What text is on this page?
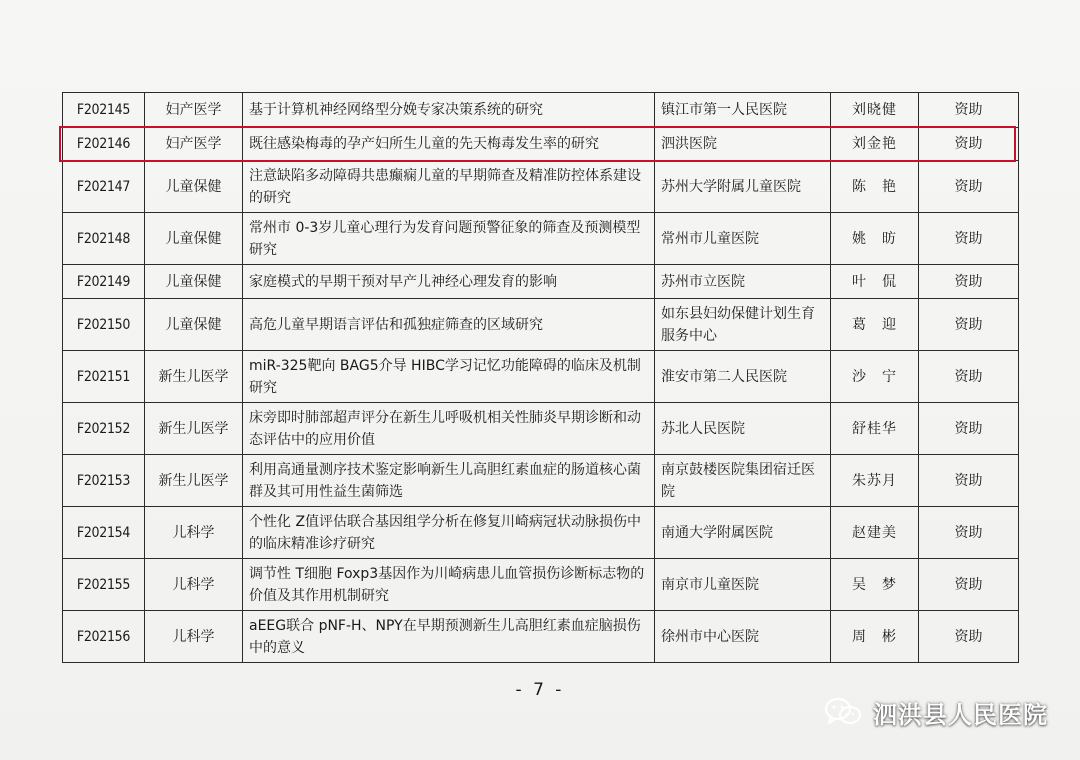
F202145	妇产医学	基于计算机神经网络型分娩专家决策系统的研究	镇江市第一人民医院	刘晓健	资助
F202146	妇产医学	既往感染梅毒的孕产妇所生儿童的先天梅毒发生率的研究	泗洪医院	刘金艳	资助
F202147	儿童保健	注意缺陷多动障碍共患癫痫儿童的早期筛查及精准防控体系建设的研究	苏州大学附属儿童医院	陈　艳	资助
F202148	儿童保健	常州市 0-3岁儿童心理行为发育问题预警征象的筛查及预测模型研究	常州市儿童医院	姚　昉	资助
F202149	儿童保健	家庭模式的早期干预对早产儿神经心理发育的影响	苏州市立医院	叶　侃	资助
F202150	儿童保健	高危儿童早期语言评估和孤独症筛查的区域研究	如东县妇幼保健计划生育服务中心	葛　迎	资助
F202151	新生儿医学	miR-325靶向 BAG5介导 HIBC学习记忆功能障碍的临床及机制研究	淮安市第二人民医院	沙　宁	资助
F202152	新生儿医学	床旁即时肺部超声评分在新生儿呼吸机相关性肺炎早期诊断和动态评估中的应用价值	苏北人民医院	舒桂华	资助
F202153	新生儿医学	利用高通量测序技术鉴定影响新生儿高胆红素血症的肠道核心菌群及其可用性益生菌筛选	南京鼓楼医院集团宿迁医院	朱苏月	资助
F202154	儿科学	个性化 Z值评估联合基因组学分析在修复川崎病冠状动脉损伤中的临床精准诊疗研究	南通大学附属医院	赵建美	资助
F202155	儿科学	调节性 T细胞 Foxp3基因作为川崎病患儿血管损伤诊断标志物的价值及其作用机制研究	南京市儿童医院	吴　梦	资助
F202156	儿科学	aEEG联合 pNF-H、NPY在早期预测新生儿高胆红素血症脑损伤中的意义	徐州市中心医院	周　彬	资助
- 7 -
泗洪县人民医院
